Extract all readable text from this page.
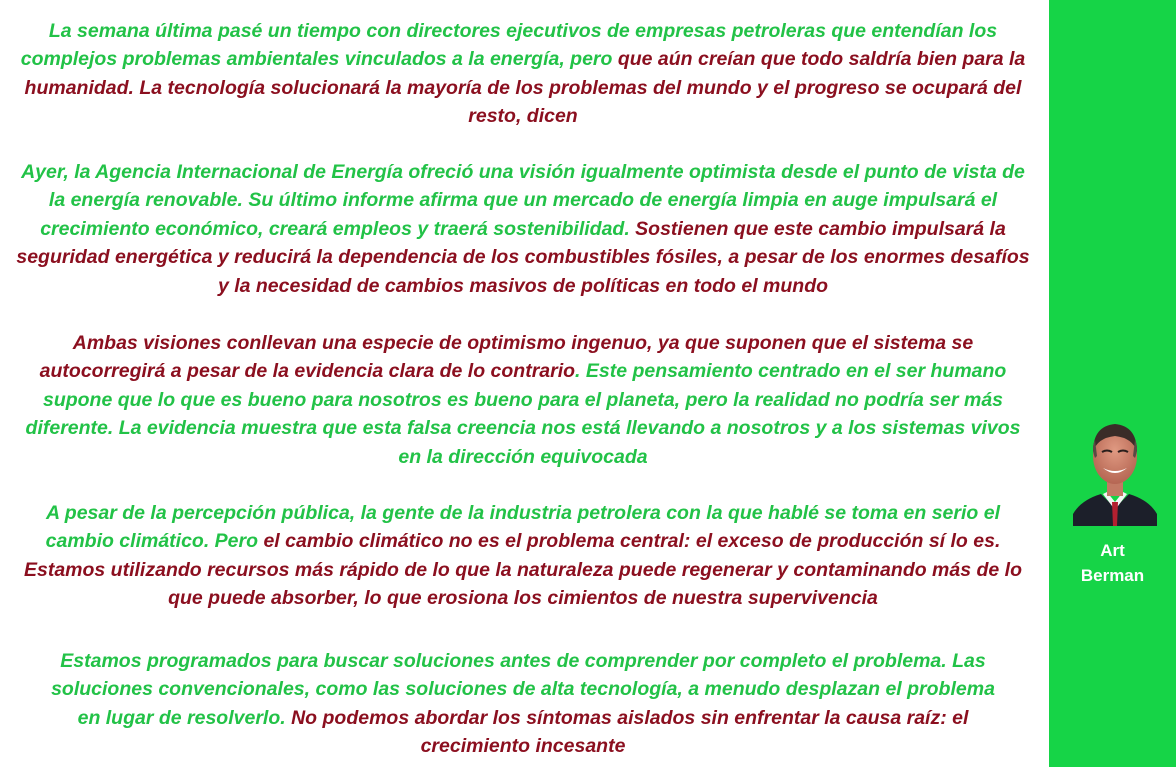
La semana última pasé un tiempo con directores ejecutivos de empresas petroleras que entendían los complejos problemas ambientales vinculados a la energía, pero que aún creían que todo saldría bien para la humanidad. La tecnología solucionará la mayoría de los problemas del mundo y el progreso se ocupará del resto, dicen

Ayer, la Agencia Internacional de Energía ofreció una visión igualmente optimista desde el punto de vista de la energía renovable. Su último informe afirma que un mercado de energía limpia en auge impulsará el crecimiento económico, creará empleos y traerá sostenibilidad. Sostienen que este cambio impulsará la seguridad energética y reducirá la dependencia de los combustibles fósiles, a pesar de los enormes desafíos y la necesidad de cambios masivos de políticas en todo el mundo

Ambas visiones conllevan una especie de optimismo ingenuo, ya que suponen que el sistema se autocorregirá a pesar de la evidencia clara de lo contrario. Este pensamiento centrado en el ser humano supone que lo que es bueno para nosotros es bueno para el planeta, pero la realidad no podría ser más diferente. La evidencia muestra que esta falsa creencia nos está llevando a nosotros y a los sistemas vivos en la dirección equivocada

A pesar de la percepción pública, la gente de la industria petrolera con la que hablé se toma en serio el cambio climático. Pero el cambio climático no es el problema central: el exceso de producción sí lo es. Estamos utilizando recursos más rápido de lo que la naturaleza puede regenerar y contaminando más de lo que puede absorber, lo que erosiona los cimientos de nuestra supervivencia

Estamos programados para buscar soluciones antes de comprender por completo el problema. Las soluciones convencionales, como las soluciones de alta tecnología, a menudo desplazan el problema en lugar de resolverlo. No podemos abordar los síntomas aislados sin enfrentar la causa raíz: el crecimiento incesante

Art
Berman
